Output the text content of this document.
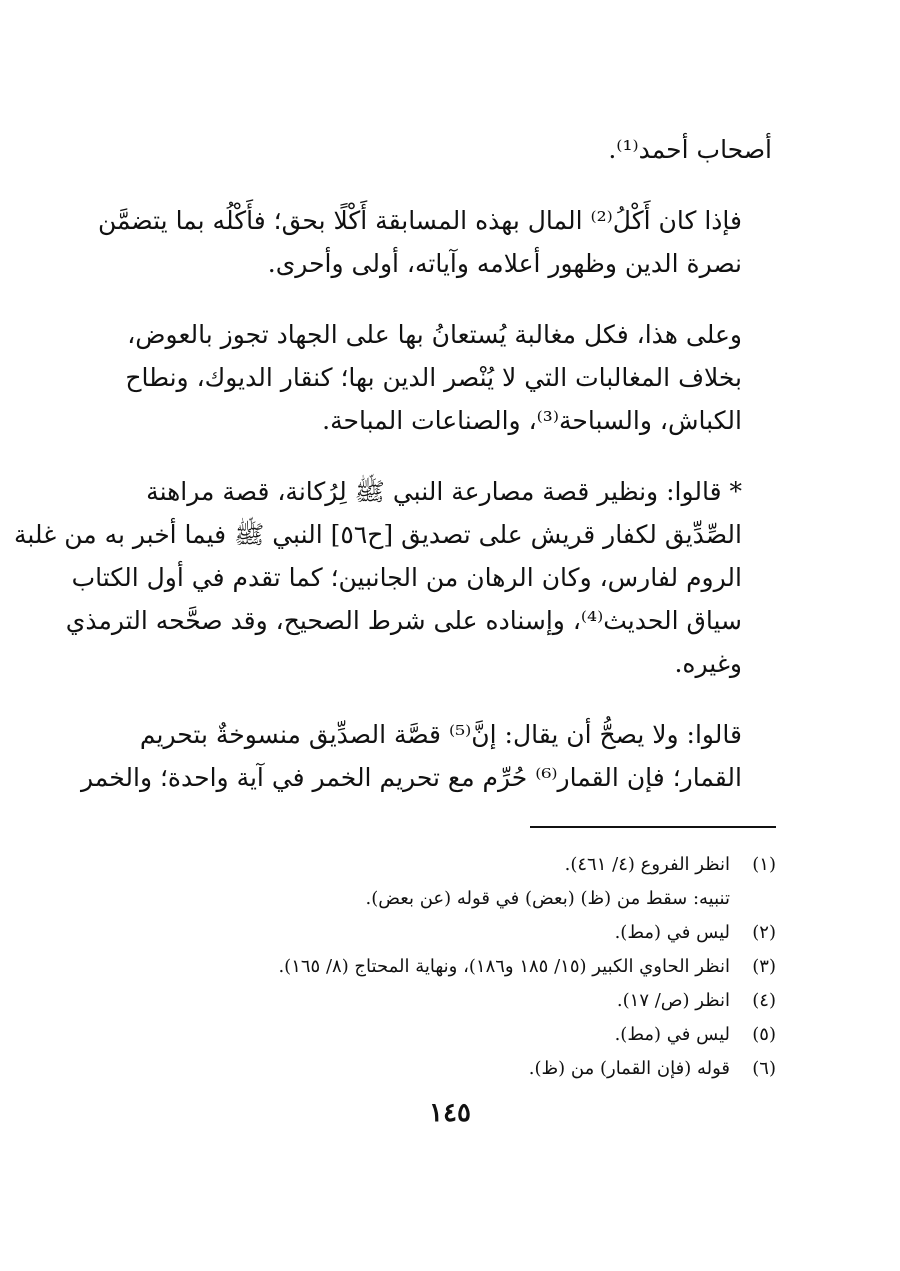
أصحاب أحمد⁽¹⁾.

فإذا كان أَكْلُ⁽²⁾ المال بهذه المسابقة أَكْلًا بحق؛ فأَكْلُه بما يتضمَّن
نصرة الدين وظهور أعلامه وآياته، أولى وأحرى.

وعلى هذا، فكل مغالبة يُستعانُ بها على الجهاد تجوز بالعوض،
بخلاف المغالبات التي لا يُنْصر الدين بها؛ كنقار الديوك، ونطاح
الكباش، والسباحة⁽³⁾، والصناعات المباحة.

* قالوا: ونظير قصة مصارعة النبي ﷺ لِرُكانة، قصة مراهنة
الصِّدِّيق لكفار قريش على تصديق [ح٥٦] النبي ﷺ فيما أخبر به من غلبة
الروم لفارس، وكان الرهان من الجانبين؛ كما تقدم في أول الكتاب
سياق الحديث⁽⁴⁾، وإسناده على شرط الصحيح، وقد صحَّحه الترمذي
وغيره.

قالوا: ولا يصحُّ أن يقال: إنَّ⁽⁵⁾ قصَّة الصدِّيق منسوخةٌ بتحريم
القمار؛ فإن القمار⁽⁶⁾ حُرِّم مع تحريم الخمر في آية واحدة؛ والخمر

(١)
انظر الفروع (٤/ ٤٦١).
تنبيه: سقط من (ظ) (بعض) في قوله (عن بعض).
(٢)
ليس في (مط).
(٣)
انظر الحاوي الكبير (١٥/ ١٨٥ و١٨٦)، ونهاية المحتاج (٨/ ١٦٥).
(٤)
انظر (ص/ ١٧).
(٥)
ليس في (مط).
(٦)
قوله (فإن القمار) من (ظ).
١٤٥
